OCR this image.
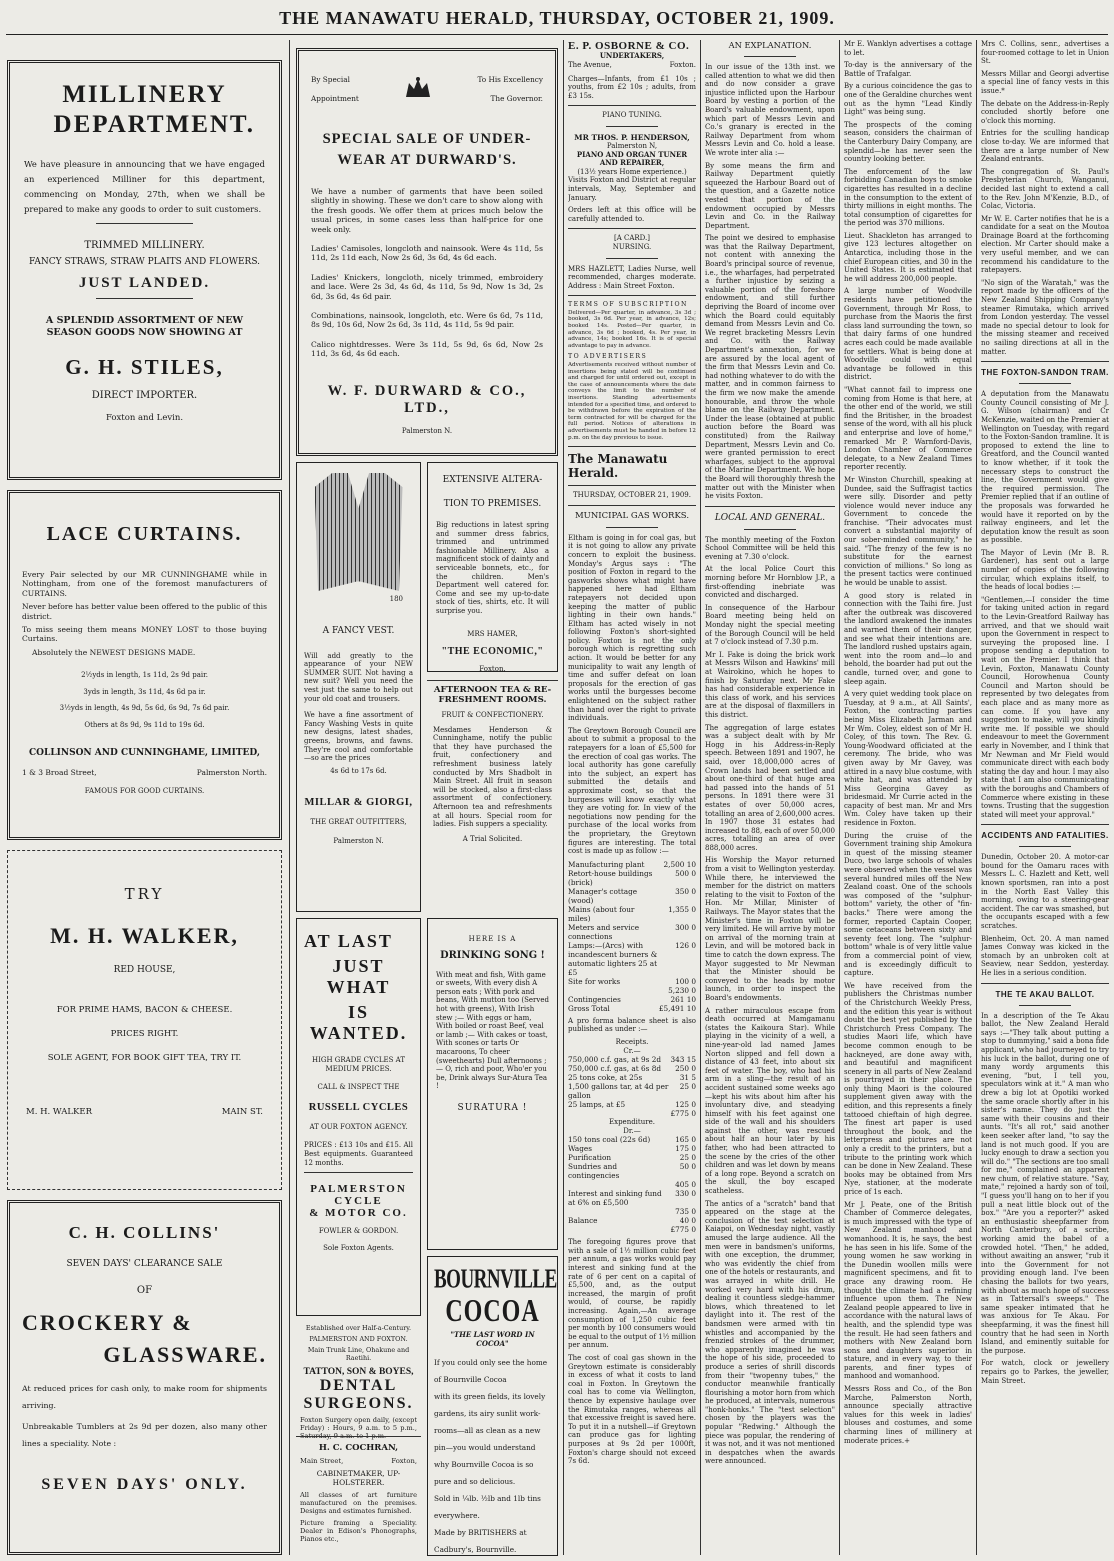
THE MANAWATU HERALD, THURSDAY, OCTOBER 21, 1909.
MILLINERY
DEPARTMENT.

We have pleasure in announcing that we have engaged an experienced Milliner for this department, commencing on Monday, 27th, when we shall be prepared to make any goods to order to suit customers.

TRIMMED MILLINERY.
FANCY STRAWS, STRAW PLAITS AND FLOWERS.
JUST LANDED.
A SPLENDID ASSORTMENT OF NEW SEASON GOODS NOW SHOWING AT
G. H. STILES,
DIRECT IMPORTER.
Foxton and Levin.
LACE CURTAINS.

Every Pair selected by our MR CUNNINGHAME while in Nottingham, from one of the foremost manufacturers of CURTAINS.

Never before has better value been offered to the public of this district.

To miss seeing them means MONEY LOST to those buying Curtains.

Absolutely the NEWEST DESIGNS MADE.

2½yds in length, 1s 11d, 2s 9d pair.
3yds in length, 3s 11d, 4s 6d pa ir.
3½yds in length, 4s 9d, 5s 6d, 6s 9d, 7s 6d pair.
Others at 8s 9d, 9s 11d to 19s 6d.
COLLINSON AND CUNNINGHAME, LIMITED,
1 & 3 Broad Street,	Palmerston North.
FAMOUS FOR GOOD CURTAINS.
TRY
M. H. WALKER,
RED HOUSE,
FOR PRIME HAMS, BACON & CHEESE.
PRICES RIGHT.
SOLE AGENT, FOR BOOK GIFT TEA, TRY IT.
M. H. WALKER	MAIN ST.
C. H. COLLINS'
SEVEN DAYS' CLEARANCE SALE
OF
CROCKERY &
GLASSWARE.

At reduced prices for cash only, to make room for shipments arriving.

Unbreakable Tumblers at 2s 9d per dozen, also many other lines a speciality. Note :

SEVEN DAYS' ONLY.
By Special
Appointment
To His Excellency
The Governor.
SPECIAL SALE OF UNDER-
WEAR AT DURWARD'S.

We have a number of garments that have been soiled slightly in showing. These we don't care to show along with the fresh goods. We offer them at prices much below the usual prices, in some cases less than half-price for one week only.

Ladies' Camisoles, longcloth and nainsook. Were 4s 11d, 5s 11d, 2s 11d each, Now 2s 6d, 3s 6d, 4s 6d each.

Ladies' Knickers, longcloth, nicely trimmed, embroidery and lace. Were 2s 3d, 4s 6d, 4s 11d, 5s 9d, Now 1s 3d, 2s 6d, 3s 6d, 4s 6d pair.

Combinations, nainsook, longcloth, etc. Were 6s 6d, 7s 11d, 8s 9d, 10s 6d, Now 2s 6d, 3s 11d, 4s 11d, 5s 9d pair.

Calico nightdresses. Were 3s 11d, 5s 9d, 6s 6d, Now 2s 11d, 3s 6d, 4s 6d each.

W. F. DURWARD & CO., LTD.,
Palmerston N.
180
A FANCY VEST.

Will add greatly to the appearance of your NEW SUMMER SUIT. Not having a new suit? Well you need the vest just the same to help out your old coat and trousers.

We have a fine assortment of Fancy Washing Vests in quite new designs, latest shades, greens, browns, and fawns. They're cool and comfortable—so are the prices

4s 6d to 17s 6d.
MILLAR & GIORGI,
THE GREAT OUTFITTERS,
Palmerston N.
EXTENSIVE ALTERA-
TION TO PREMISES.

Big reductions in latest spring and summer dress fabrics, trimmed and untrimmed fashionable Millinery. Also a magnificent stock of dainty and serviceable bonnets, etc., for the children. Men's Department well catered for. Come and see my up-to-date stock of ties, shirts, etc. It will surprise you.

MRS HAMER,
"THE ECONOMIC,"
Foxton.
AFTERNOON TEA & RE-
FRESHMENT ROOMS.
FRUIT & CONFECTIONERY.

Mesdames Henderson & Cunninghame, notify the public that they have purchased the fruit, confectionery and refreshment business lately conducted by Mrs Shadbolt in Main Street. All fruit in season will be stocked, also a first-class assortment of confectionery. Afternoon tea and refreshments at all hours. Special room for ladies. Fish suppers a speciality.

A Trial Solicited.
AT LAST
JUST WHAT
IS WANTED.
HIGH GRADE CYCLES AT MEDIUM PRICES.
CALL & INSPECT THE
RUSSELL CYCLES
AT OUR FOXTON AGENCY.

PRICES : £13 10s and £15. All Best equipments. Guaranteed 12 months.

PALMERSTON CYCLE
& MOTOR CO.
FOWLER & GORDON.
Sole Foxton Agents.
HERE IS A
DRINKING SONG !

With meat and fish, With game or sweets, With every dish A person eats ; With pork and beans, With mutton too (Served hot with greens), With Irish stew ;— With eggs or ham, With boiled or roast Beef, veal or lamb ;— With cakes or toast, With scones or tarts Or macaroons, To cheer (sweethearts) Dull afternoons ;— O, rich and poor, Who'er you be, Drink always Sur-Atura Tea !

SURATURA !
Established over Half-a-Century.
PALMERSTON AND FOXTON.
Main Trunk Line, Ohakune and Raetihi.
TATTON, SON & BOYES,
DENTAL
SURGEONS.

Foxton Surgery open daily, (except Friday) : Hours, 9 a.m. to 5 p.m., Saturday, 9 a.m. to 1 p.m.

H. C. COCHRAN,
Main Street,	Foxton,
CABINETMAKER, UP-HOLSTERER.

All classes of art furniture manufactured on the premises. Designs and estimates furnished.

Picture framing a Speciality. Dealer in Edison's Phonographs, Pianos etc.,

BOURNVILLE
COCOA
"THE LAST WORD IN COCOA"
If you could only see the home of Bournville Cocoa
with its green fields, its lovely
gardens, its airy sunlit work-
rooms—all as clean as a new
pin—you would understand
why Bournville Cocoa is so
pure and so delicious.
Sold in ¼lb. ½lb and 1lb tins
everywhere.
Made by BRITISHERS at
Cadbury's, Bournville.
E. P. OSBORNE & CO.
UNDERTAKERS,
The Avenue,	Foxton.

Charges—Infants, from £1 10s ; youths, from £2 10s ; adults, from £3 15s.

PIANO TUNING.
MR THOS. P. HENDERSON,
Palmerston N,
PIANO AND ORGAN TUNER AND REPAIRER,
(13½ years Home experience.)

Visits Foxton and District at regular intervals, May, September and January.

Orders left at this office will be carefully attended to.

[A CARD.]
NURSING.

MRS HAZLETT, Ladies Nurse, well recommended, charges moderate. Address : Main Street Foxton.

TERMS OF SUBSCRIPTION

Delivered—Per quarter, in advance, 3s 3d ; booked, 3s 6d. Per year, in advance, 12s; booked 14s. Posted—Per quarter, in advance, 3s 6d ; booked, 4s. Per year, in advance, 14s; booked 16s. It is of special advantage to pay in advance.

TO ADVERTISERS

Advertisements received without number of insertions being stated will be continued and charged for until ordered out, except in the case of announcements where the date conveys the limit to the number of insertions. Standing advertisements intended for a specified time, and ordered to be withdrawn before the expiration of the term contracted for will be charged for the full period. Notices of alterations in advertisements must be handed in before 12 p.m. on the day previous to issue.

The Manawatu Herald.
THURSDAY, OCTOBER 21, 1909.
MUNICIPAL GAS WORKS.

Eltham is going in for coal gas, but it is not going to allow any private concern to exploit the business. Monday's Argus says : "The position of Foxton in regard to the gasworks shows what might have happened here had Eltham ratepayers not decided upon keeping the matter of public lighting in their own hands." Eltham has acted wisely in not following Foxton's short-sighted policy. Foxton is not the only borough which is regretting such action. It would be better for any municipality to wait any length of time and suffer defeat on loan proposals for the erection of gas works until the burgesses become enlightened on the subject rather than hand over the right to private individuals.

The Greytown Borough Council are about to submit a proposal to the ratepayers for a loan of £5,500 for the erection of coal gas works. The local authority has gone carefully into the subject, an expert has submitted the details and approximate cost, so that the burgesses will know exactly what they are voting for. In view of the negotiations now pending for the purchase of the local works from the proprietary, the Greytown figures are interesting. The total cost is made up as follow :—

Manufacturing plant	2,500 10
Retort-house buildings (brick)	500 0
Manager's cottage (wood)	350 0
Mains (about four miles)	1,355 0
Meters and service connections	300 0
Lamps:—(Arcs) with incandescent burners & automatic lighters 25 at £5	126 0
Site for works	100 0
	5,230 0
Contingencies	261 10
Gross Total	£5,491 10

A pro forma balance sheet is also published as under :—

Receipts.
Cr.—
750,000 c.f. gas, at 9s 2d	343 15
750,000 c.f. gas, at 6s 8d	250 0
25 tons coke, at 25s	31 5
1,500 gallons tar, at 4d per gallon	25 0
25 lamps, at £5	125 0
	£775 0
Expenditure.
Dr.—
150 tons coal (22s 6d)	165 0
Wages	175 0
Purification	25 0
Sundries and contingencies	50 0
	405 0
Interest and sinking fund at 6% on £5,500	330 0
	735 0
Balance	40 0
	£775 0

The foregoing figures prove that with a sale of 1½ million cubic feet per annum, a gas works would pay interest and sinking fund at the rate of 6 per cent on a capital of £5,500, and, as the output increased, the margin of profit would, of course, be rapidly increasing. Again,—An average consumption of 1,250 cubic feet per month by 100 consumers would be equal to the output of 1½ million per annum.

The cost of coal gas shown in the Greytown estimate is considerably in excess of what it costs to land coal in Foxton. In Greytown the coal has to come via Wellington, thence by expensive haulage over the Rimutaka ranges, whereas all that excessive freight is saved here. To put it in a nutshell—if Greytown can produce gas for lighting purposes at 9s 2d per 1000ft, Foxton's charge should not exceed 7s 6d.

AN EXPLANATION.

In our issue of the 13th inst. we called attention to what we did then and do now consider a grave injustice inflicted upon the Harbour Board by vesting a portion of the Board's valuable endowment, upon which part of Messrs Levin and Co.'s granary is erected in the Railway Department from whom Messrs Levin and Co. hold a lease. We wrote inter alia :—

By some means the firm and Railway Department quietly squeezed the Harbour Board out of the question, and a Gazette notice vested that portion of the endowment occupied by Messrs Levin and Co. in the Railway Department.

The point we desired to emphasise was that the Railway Department, not content with annexing the Board's principal source of revenue, i.e., the wharfages, had perpetrated a further injustice by seizing a valuable portion of the foreshore endowment, and still further depriving the Board of income over which the Board could equitably demand from Messrs Levin and Co. We regret bracketing Messrs Levin and Co. with the Railway Department's annexation, for we are assured by the local agent of the firm that Messrs Levin and Co. had nothing whatever to do with the matter, and in common fairness to the firm we now make the amende honourable, and throw the whole blame on the Railway Department. Under the lease (obtained at public auction before the Board was constituted) from the Railway Department, Messrs Levin and Co. were granted permission to erect wharfages, subject to the approval of the Marine Department. We hope the Board will thoroughly thresh the matter out with the Minister when he visits Foxton.

LOCAL AND GENERAL.

The monthly meeting of the Foxton School Committee will be held this evening at 7.30 o'clock.

At the local Police Court this morning before Mr Hornblow J.P., a first-offending inebriate was convicted and discharged.

In consequence of the Harbour Board meeting being held on Monday night the special meeting of the Borough Council will be held at 7 o'clock instead of 7.30 p.m.

Mr I. Fake is doing the brick work at Messrs Wilson and Hawkins' mill at Wairokino, which he hopes to finish by Saturday next. Mr Fake has had considerable experience in this class of work, and his services are at the disposal of flaxmillers in this district.

The aggregation of large estates was a subject dealt with by Mr Hogg in his Address-in-Reply speech. Between 1891 and 1907, he said, over 18,000,000 acres of Crown lands had been settled and about one-third of that huge area had passed into the hands of 51 persons. In 1891 there were 31 estates of over 50,000 acres, totalling an area of 2,600,000 acres. In 1907 those 31 estates had increased to 88, each of over 50,000 acres, totalling an area of over 888,000 acres.

His Worship the Mayor returned from a visit to Wellington yesterday. While there, he interviewed the member for the district on matters relating to the visit to Foxton of the Hon. Mr Millar, Minister of Railways. The Mayor states that the Minister's time in Foxton will be very limited. He will arrive by motor on arrival of the morning train at Levin, and will be motored back in time to catch the down express. The Mayor suggested to Mr Newman that the Minister should be conveyed to the heads by motor launch, in order to inspect the Board's endowments.

A rather miraculous escape from death occurred at Mamgamanu (states the Kaikoura Star). While playing in the vicinity of a well, a nine-year-old lad named James Norton slipped and fell down a distance of 43 feet, into about six feet of water. The boy, who had his arm in a sling—the result of an accident sustained some weeks ago—kept his wits about him after his involuntary dive, and steadying himself with his feet against one side of the wall and his shoulders against the other, was rescued about half an hour later by his father, who had been attracted to the scene by the cries of the other children and was let down by means of a long rope. Beyond a scratch on the skull, the boy escaped scatheless.

The antics of a "scratch" band that appeared on the stage at the conclusion of the test selection at Kaiapoi, on Wednesday night, vastly amused the large audience. All the men were in bandsmen's uniforms, with one exception, the drummer, who was evidently the chief from one of the hotels or restaurants, and was arrayed in white drill. He worked very hard with his drum, dealing it countless sledge-hammer blows, which threatened to let daylight into it. The rest of the bandsmen were armed with tin whistles and accompanied by the frenzied strokes of the drummer, who apparently imagined he was the hope of his side, proceeded to produce a series of shrill discords from their "twopenny tubes," the conductor meanwhile frantically flourishing a motor horn from which he produced, at intervals, numerous "honk-honks." The "test selection" chosen by the players was the popular "Redwing." Although the piece was popular, the rendering of it was not, and it was not mentioned in despatches when the awards were announced.

Mr E. Wanklyn advertises a cottage to let.

To-day is the anniversary of the Battle of Trafalgar.

By a curious coincidence the gas to one of the Geraldine churches went out as the hymn "Lead Kindly Light" was being sung.

The prospects of the coming season, considers the chairman of the Canterbury Dairy Company, are splendid—he has never seen the country looking better.

The enforcement of the law forbidding Canadian boys to smoke cigarettes has resulted in a decline in the consumption to the extent of thirty millions in eight months. The total consumption of cigarettes for the period was 370 millions.

Lieut. Shackleton has arranged to give 123 lectures altogether on Antarctica, including those in the chief European cities, and 30 in the United States. It is estimated that he will address 200,000 people.

A large number of Woodville residents have petitioned the Government, through Mr Ross, to purchase from the Maoris the first class land surrounding the town, so that dairy farms of one hundred acres each could be made available for settlers. What is being done at Woodville could with equal advantage be followed in this district.

"What cannot fail to impress one coming from Home is that here, at the other end of the world, we still find the Britisher, in the broadest sense of the word, with all his pluck and enterprise and love of home," remarked Mr P. Warnford-Davis, London Chamber of Commerce delegate, to a New Zealand Times reporter recently.

Mr Winston Churchill, speaking at Dundee, said the Suffragist tactics were silly. Disorder and petty violence would never induce any Government to concede the franchise. "Their advocates must convert a substantial majority of our sober-minded community," he said. "The frenzy of the few is no substitute for the earnest conviction of millions." So long as the present tactics were continued he would be unable to assist.

A good story is related in connection with the Taihi fire. Just after the outbreak was discovered the landlord awakened the inmates and warned them of their danger, and see what their intentions are. The landlord rushed upstairs again, went into the room and—lo and behold, the boarder had put out the candle, turned over, and gone to sleep again.

A very quiet wedding took place on Tuesday, at 9 a.m., at All Saints', Foxton, the contracting parties being Miss Elizabeth Jarman and Mr Wm. Coley, eldest son of Mr H. Coley, of this town. The Rev. G. Young-Woodward officiated at the ceremony. The bride, who was given away by Mr Gavey, was attired in a navy blue costume, with white hat, and was attended by Miss Georgina Gavey as bridesmaid. Mr Currie acted in the capacity of best man. Mr and Mrs Wm. Coley have taken up their residence in Foxton.

During the cruise of the Government training ship Amokura in quest of the missing steamer Duco, two large schools of whales were observed when the vessel was several hundred miles off the New Zealand coast. One of the schools was composed of the "sulphur-bottom" variety, the other of "fin-backs." There were among the former, reported Captain Cooper, some cetaceans between sixty and seventy feet long. The "sulphur-bottom" whale is of very little value from a commercial point of view, and is exceedingly difficult to capture.

We have received from the publishers the Christmas number of the Christchurch Weekly Press, and the edition this year is without doubt the best yet published by the Christchurch Press Company. The studies Maori life, which have become common enough to be hackneyed, are done away with, and beautiful and magnificent scenery in all parts of New Zealand is pourtrayed in their place. The only thing Maori is the coloured supplement given away with the edition, and this represents a finely tattooed chieftain of high degree. The finest art paper is used throughout the book, and the letterpress and pictures are not only a credit to the printers, but a tribute to the printing work which can be done in New Zealand. These books may be obtained from Mrs Nye, stationer, at the moderate price of 1s each.

Mr J. Peate, one of the British Chamber of Commerce delegates, is much impressed with the type of New Zealand manhood and womanhood. It is, he says, the best he has seen in his life. Some of the young women he saw working in the Dunedin woollen mills were magnificent specimens, and fit to grace any drawing room. He thought the climate had a refining influence upon them. The New Zealand people appeared to live in accordance with the natural laws of health, and the splendid type was the result. He had seen fathers and mothers with New Zealand born sons and daughters superior in stature, and in every way, to their parents, and finer types of manhood and womanhood.

Messrs Ross and Co., of the Bon Marche, Palmerston North, announce specially attractive values for this week in ladies' blouses and costumes, and some charming lines of millinery at moderate prices.+

Mrs C. Collins, senr., advertises a four-roomed cottage to let in Union St.

Messrs Millar and Georgi advertise a special line of fancy vests in this issue.*

The debate on the Address-in-Reply concluded shortly before one o'clock this morning.

Entries for the sculling handicap close to-day. We are informed that there are a large number of New Zealand entrants.

The congregation of St. Paul's Presbyterian Church, Wanganui, decided last night to extend a call to the Rev. John M'Kenzie, B.D., of Colac, Victoria.

Mr W. E. Carter notifies that he is a candidate for a seat on the Moutoa Drainage Board at the forthcoming election. Mr Carter should make a very useful member, and we can recommend his candidature to the ratepayers.

"No sign of the Waratah," was the report made by the officers of the New Zealand Shipping Company's steamer Rimutaka, which arrived from London yesterday. The vessel made no special detour to look for the missing steamer and received no sailing directions at all in the matter.

THE FOXTON-SANDON TRAM.

A deputation from the Manawatu County Council consisting of Mr J. G. Wilson (chairman) and Cr McKenzie, waited on the Premier at Wellington on Tuesday, with regard to the Foxton-Sandon tramline. It is proposed to extend the line to Greatford, and the Council wanted to know whether, if it took the necessary steps to construct the line, the Government would give the required permission. The Premier replied that if an outline of the proposals was forwarded he would have it reported on by the railway engineers, and let the deputation know the result as soon as possible.

The Mayor of Levin (Mr B. R. Gardener), has sent out a large number of copies of the following circular, which explains itself, to the heads of local bodies :—

"Gentlemen,—I consider the time for taking united action in regard to the Levin-Greatford Railway has arrived, and that we should wait upon the Government in respect to surveying the proposed line. I propose sending a deputation to wait on the Premier. I think that Levin, Foxton, Manawatu County Council, Horowhenua County Council and Marton should be represented by two delegates from each place and as many more as can come. If you have any suggestion to make, will you kindly write me. If possible we should endeavour to meet the Government early in November, and I think that Mr Newman and Mr Field would communicate direct with each body stating the day and hour. I may also state that I am also communicating with the boroughs and Chambers of Commerce where existing in these towns. Trusting that the suggestion stated will meet your approval."

ACCIDENTS AND FATALITIES.

Dunedin, October 20. A motor-car bound for the Oamaru races with Messrs L. C. Hazlett and Kett, well known sportsmen, ran into a post in the North East Valley this morning, owing to a steering-gear accident. The car was smashed, but the occupants escaped with a few scratches.

Blenheim, Oct. 20. A man named James Conway was kicked in the stomach by an unbroken colt at Seaview, near Seddon, yesterday. He lies in a serious condition.

THE TE AKAU BALLOT.

In a description of the Te Akau ballot, the New Zealand Herald says :—"They talk about putting a stop to dummying," said a bona fide applicant, who had journeyed to try his luck in the ballot, during one of many wordy arguments this evening, "but, I tell you, speculators wink at it." A man who drew a big lot at Opotiki worked the same oracle shortly after in his sister's name. They do just the same with their cousins and their aunts. "It's all rot," said another keen seeker after land, "to say the land is not much good. If you are lucky enough to draw a section you will do." "The sections are too small for me," complained an apparent new chum, of relative stature. "Say, mate," rejoined a hardy son of toil, "I guess you'll hang on to her if you pull a neat little block out of the box." "Are you a reporter?" asked an enthusiastic sheepfarmer from North Canterbury, of a scribe, working amid the babel of a crowded hotel. "Then," he added, without awaiting an answer, "rub it into the Government for not providing enough land. I've been chasing the ballots for two years, with about as much hope of success as in Tattersall's sweeps." The same speaker intimated that he was anxious for Te Akau. For sheepfarming, it was the finest hill country that he had seen in North Island, and eminently suitable for the purpose.

For watch, clock or jewellery repairs go to Parkes, the jeweller, Main Street.
